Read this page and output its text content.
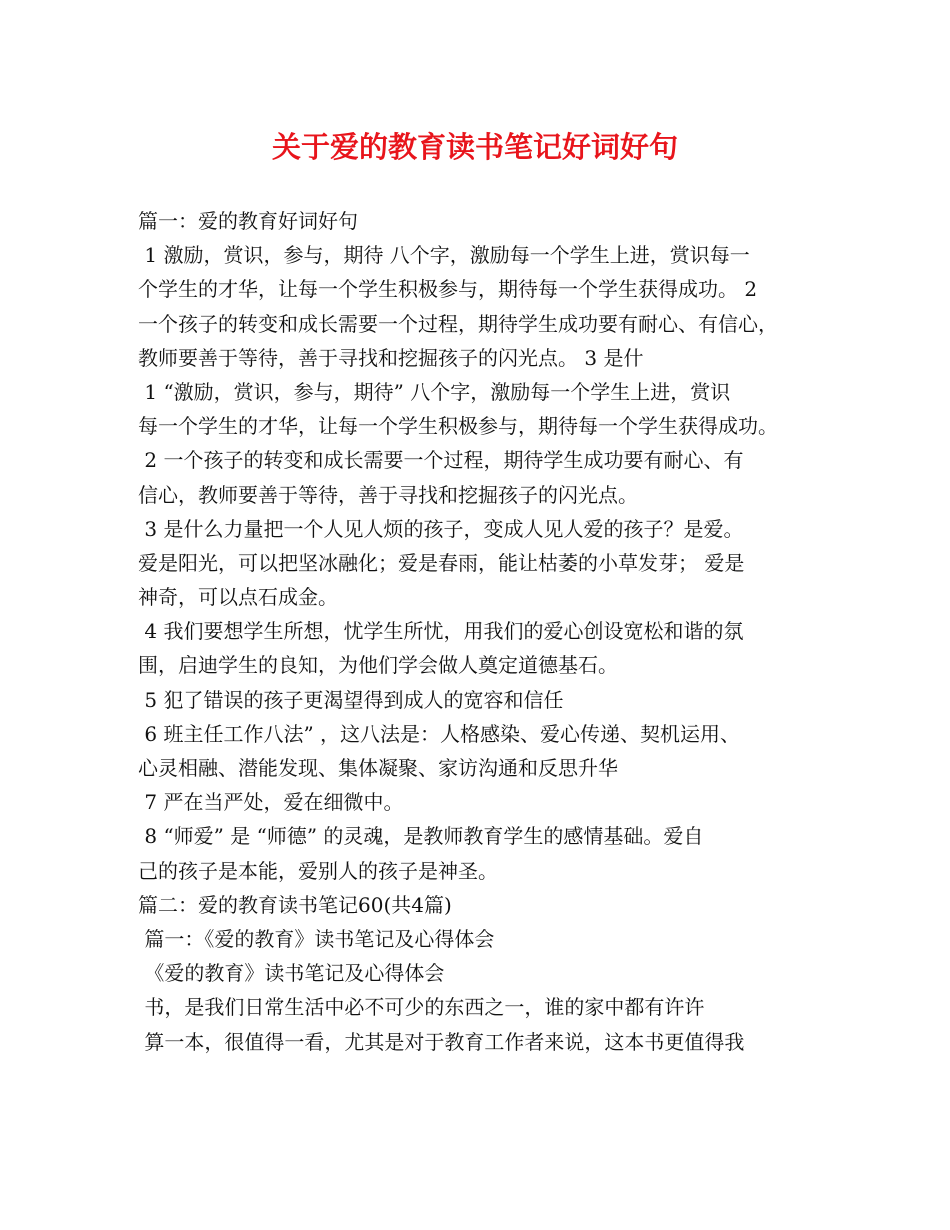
关于爱的教育读书笔记好词好句
篇一：爱的教育好词好句
1 激励，赏识，参与，期待 八个字，激励每一个学生上进，赏识每一
个学生的才华，让每一个学生积极参与，期待每一个学生获得成功。 2
一个孩子的转变和成长需要一个过程，期待学生成功要有耐心、有信心，
教师要善于等待，善于寻找和挖掘孩子的闪光点。 3 是什
1 “激励，赏识，参与，期待” 八个字，激励每一个学生上进，赏识
每一个学生的才华，让每一个学生积极参与，期待每一个学生获得成功。
2 一个孩子的转变和成长需要一个过程，期待学生成功要有耐心、有
信心，教师要善于等待，善于寻找和挖掘孩子的闪光点。
3 是什么力量把一个人见人烦的孩子，变成人见人爱的孩子？是爱。
爱是阳光，可以把坚冰融化；爱是春雨，能让枯萎的小草发芽； 爱是
神奇，可以点石成金。
4 我们要想学生所想，忧学生所忧，用我们的爱心创设宽松和谐的氛
围，启迪学生的良知，为他们学会做人奠定道德基石。
5 犯了错误的孩子更渴望得到成人的宽容和信任
6 班主任工作八法” ，这八法是：人格感染、爱心传递、契机运用、
心灵相融、潜能发现、集体凝聚、家访沟通和反思升华
7 严在当严处，爱在细微中。
8 “师爱” 是 “师德” 的灵魂，是教师教育学生的感情基础。爱自
己的孩子是本能，爱别人的孩子是神圣。
篇二：爱的教育读书笔记60(共4篇)
篇一：《爱的教育》读书笔记及心得体会
《爱的教育》读书笔记及心得体会
书，是我们日常生活中必不可少的东西之一，谁的家中都有许许
算一本，很值得一看，尤其是对于教育工作者来说，这本书更值得我
